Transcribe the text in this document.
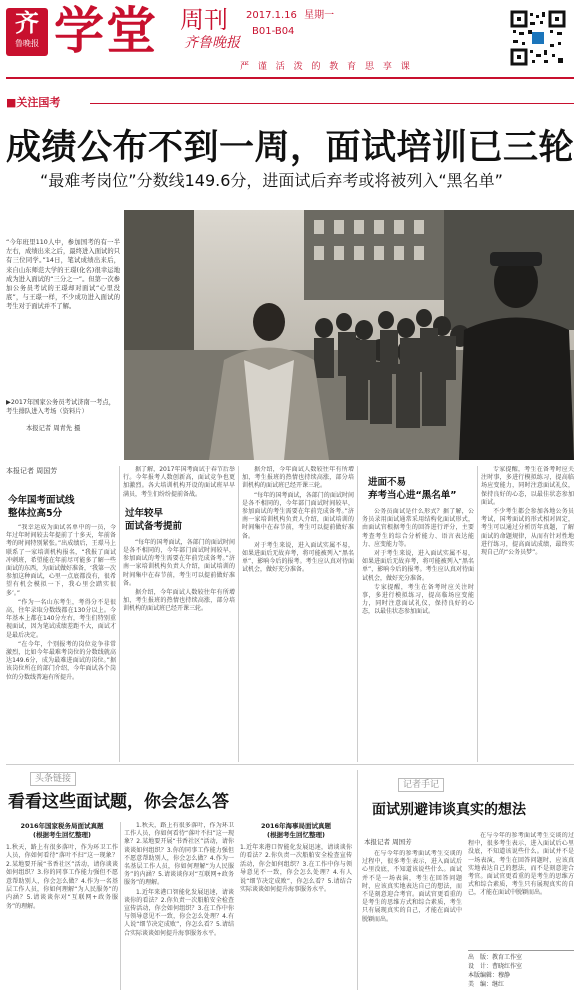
齐
鲁晚报 学堂 周刊
齐鲁晚报
2017.1.16 星期一
B01-B04
严 谨 活 泼 的 教 育 思 享 课
■关注国考
成绩公布不到一周，面试培训已三轮
“最难考岗位”分数线149.6分，进面试后弃考或将被列入“黑名单”
“今年班里110人中，参加国考的有一半左右，成绩出来之后，最终进入面试的只有三位同学。”14日，笔试成绩出来后，来自山东师范大学的王璟(化名)很幸运地成为进入面试的“三分之一”。但第一次参加公务员考试的王璟却对面试“心里没底”，与王璟一样，不少成功进入面试的考生对于面试并不了解。
▶2017年国家公务员考试济南一考点，考生排队进入考场（资料片）
本报记者 周青先 摄
本报记者 周国芳
今年国考面试线
整体拉高5分

“我幸运成为面试名单中的一员，今年过年时间较去年提前了十多天，年前备考的时间特别紧张。”出成绩后，王璟马上联系了一家培训机构报名，“我报了面试冲刺班，希望能在年前尽可能多了解一些面试的东西，为面试做好准备，‘我第一次参加这种面试，心里一点底都没有，很希望有机会模拟一下，我心里会踏实很多’。”

“作为一名山东考生，考得分不是很高，往年录取分数线都在130分以上。今年基本上都在140分左右，考生们特别重视面试，因为笔试成绩差距不大，面试才是最后决定。

“在今年，个别报考的岗位竞争非常激烈，比如今年最难考岗位的分数线就高达149.6分，成为最难进面试的岗位。”据该岗位所在的部门介绍，今年面试各个岗位的分数线普遍有所提升。

据了解，2017年国考面试于春节后举行。今年报考人数创新高，面试竞争也更加激烈。各大培训机构开设的面试班早早满员，考生们纷纷提前备战。

过年较早
面试备考提前

“每年的国考面试，各部门的面试时间是各不相同的，今年部门面试时间较早，参加面试的考生需要在年前完成备考。”济南一家培训机构负责人介绍，面试培训的时间集中在春节前，考生可以提前做好准备。

据介绍，今年面试人数较往年有所增加，考生报班的热情也持续高涨，部分培训机构的面试班已经开课三轮。

据介绍，今年面试人数较往年有所增加，考生报班的热情也持续高涨，部分培训机构的面试班已经开课三轮。

“每年的国考面试，各部门的面试时间是各不相同的，今年部门面试时间较早，参加面试的考生需要在年前完成备考。”济南一家培训机构负责人介绍，面试培训的时间集中在春节前，考生可以提前做好准备。

对于考生来说，进入面试实属不易，如果进面后无故弃考，将可能被列入“黑名单”，影响今后的报考。考生应认真对待面试机会，做好充分准备。

进面不易
弃考当心进“黑名单”

公务员面试是什么形式？据了解，公务员录用面试通常采用结构化面试形式，由面试官根据考生的回答进行评分，主要考查考生的综合分析能力、语言表达能力、应变能力等。

对于考生来说，进入面试实属不易，如果进面后无故弃考，将可能被列入“黑名单”，影响今后的报考。考生应认真对待面试机会，做好充分准备。

专家提醒，考生在备考时应关注时事，多进行模拟练习，提高临场应变能力，同时注意面试礼仪，保持良好的心态，以最佳状态参加面试。

专家提醒，考生在备考时应关注时事，多进行模拟练习，提高临场应变能力，同时注意面试礼仪，保持良好的心态，以最佳状态参加面试。

不少考生都会参加各地公务员考试，国考面试的形式相对固定，考生可以通过分析历年真题，了解面试的命题规律，从而有针对性地进行练习，提高面试成绩，最终实现自己的“公务员梦”。

头条链接
看看这些面试题，你会怎么答
2016年国家税务局面试真题
(根据考生回忆整理)
1.秋天，路上有很多落叶，作为环卫工作人员，你如何看待“落叶不扫”这一现象？2.某地要开展“书香社区”活动，请你谈谈如何组织？3.你的同事工作能力强但不愿意帮助别人，你会怎么做？4.作为一名基层工作人员，你如何理解“为人民服务”的内涵？5.请谈谈你对“互联网+政务服务”的理解。

1.秋天，路上有很多落叶，作为环卫工作人员，你如何看待“落叶不扫”这一现象？2.某地要开展“书香社区”活动，请你谈谈如何组织？3.你的同事工作能力强但不愿意帮助别人，你会怎么做？4.作为一名基层工作人员，你如何理解“为人民服务”的内涵？5.请谈谈你对“互联网+政务服务”的理解。

1.近年来港口智能化发展迅速，请谈谈你的看法？2.你负责一次船舶安全检查宣传活动，你会如何组织？3.在工作中你与领导意见不一致，你会怎么处理？4.有人说“细节决定成败”，你怎么看？5.请结合实际谈谈如何提升海事服务水平。

2016年海事局面试真题
(根据考生回忆整理)
1.近年来港口智能化发展迅速，请谈谈你的看法？2.你负责一次船舶安全检查宣传活动，你会如何组织？3.在工作中你与领导意见不一致，你会怎么处理？4.有人说“细节决定成败”，你怎么看？5.请结合实际谈谈如何提升海事服务水平。
记者手记
面试别避讳谈真实的想法
本报记者 周国芳

在与今年的参考面试考生交谈的过程中，很多考生表示，进入面试后心里没底，不知道该说些什么。面试并不是一场表演，考生在回答问题时，应该真实地表达自己的想法，而不是刻意迎合考官。面试官更看重的是考生的思维方式和综合素质，考生只有展现真实的自己，才能在面试中脱颖而出。

在与今年的参考面试考生交谈的过程中，很多考生表示，进入面试后心里没底，不知道该说些什么。面试并不是一场表演，考生在回答问题时，应该真实地表达自己的想法，而不是刻意迎合考官。面试官更看重的是考生的思维方式和综合素质，考生只有展现真实的自己，才能在面试中脱颖而出。

出　版：教育工作室
设　计：曹晓红作室
本版编辑：穆静
美　编：继红
